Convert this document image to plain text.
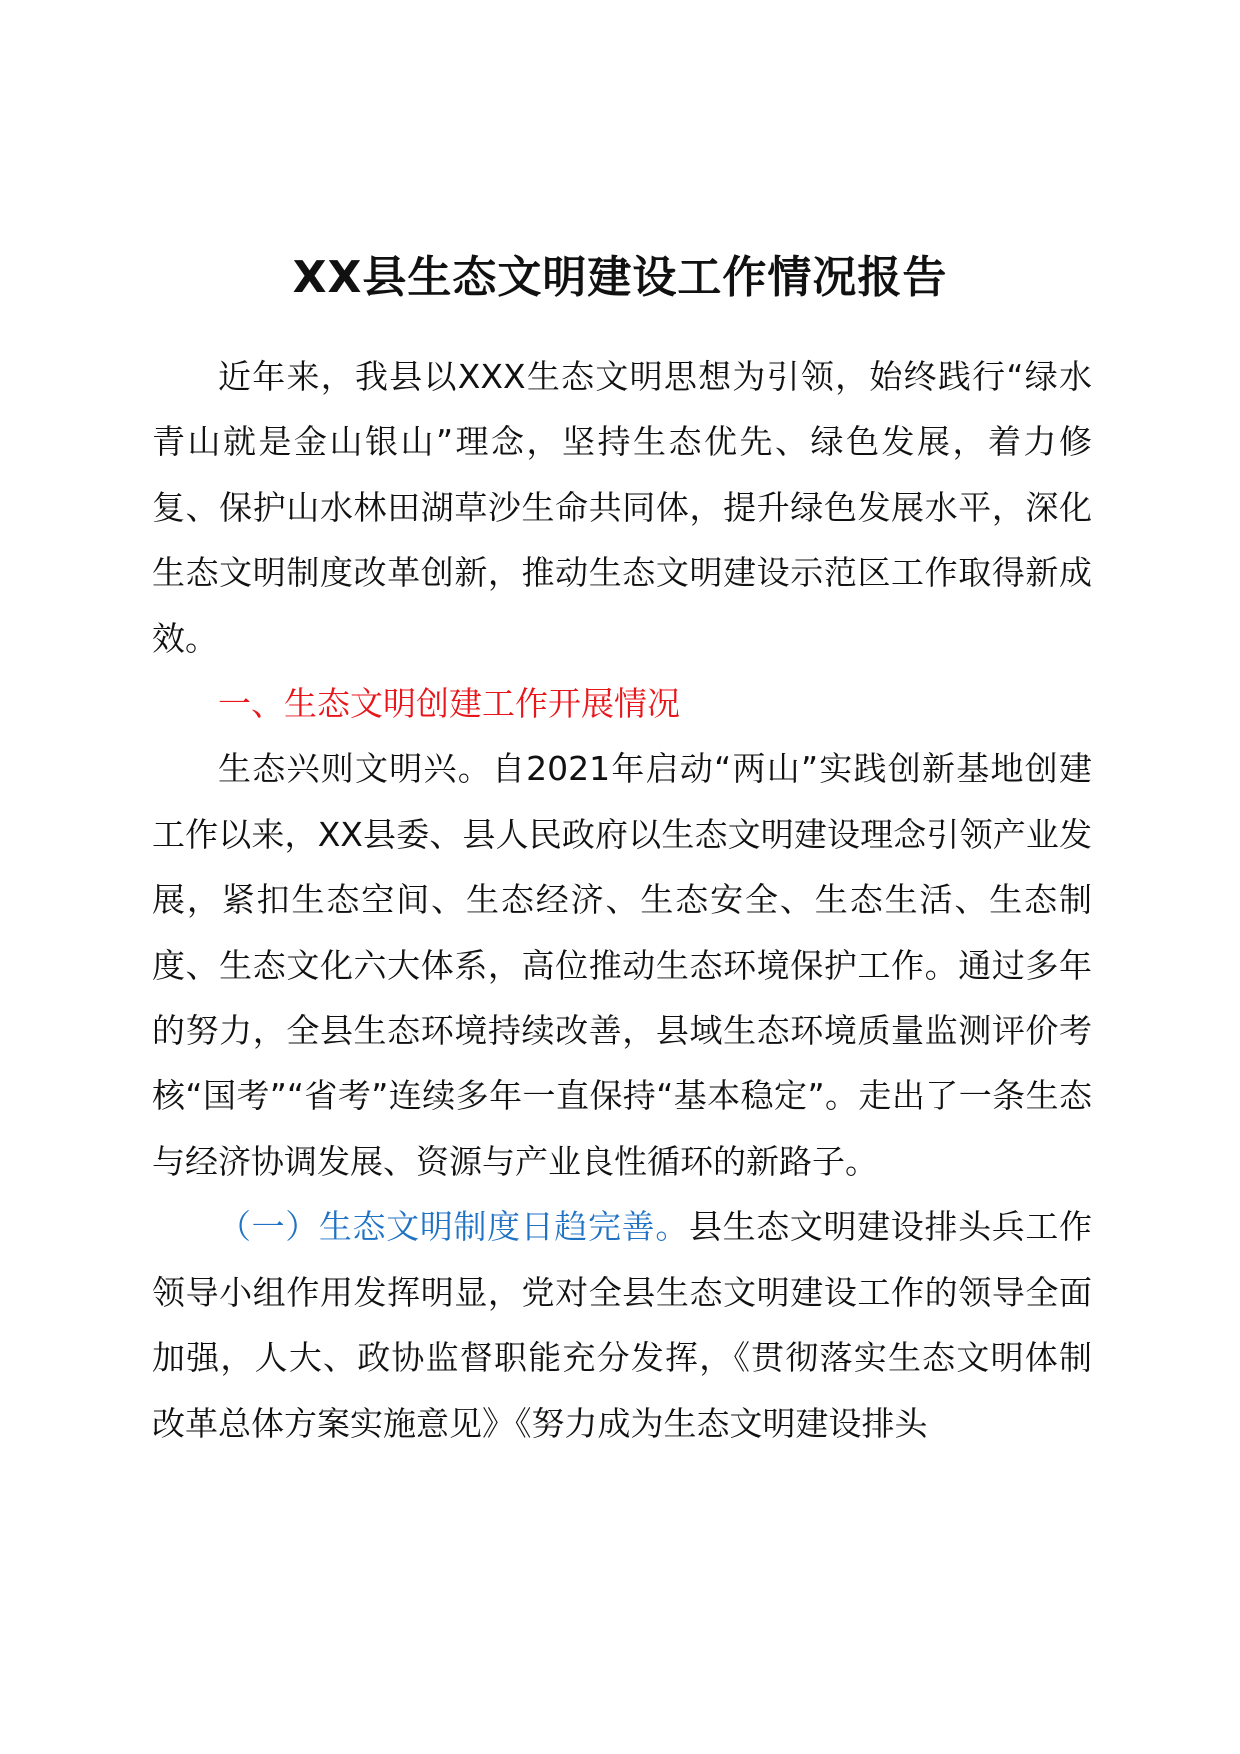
XX县生态文明建设工作情况报告

近年来，我县以XXX生态文明思想为引领，始终践行“绿水青山就是金山银山”理念，坚持生态优先、绿色发展，着力修复、保护山水林田湖草沙生命共同体，提升绿色发展水平，深化生态文明制度改革创新，推动生态文明建设示范区工作取得新成效。

一、生态文明创建工作开展情况

生态兴则文明兴。自2021年启动“两山”实践创新基地创建工作以来，XX县委、县人民政府以生态文明建设理念引领产业发展，紧扣生态空间、生态经济、生态安全、生态生活、生态制度、生态文化六大体系，高位推动生态环境保护工作。通过多年的努力，全县生态环境持续改善，县域生态环境质量监测评价考核“国考”“省考”连续多年一直保持“基本稳定”。走出了一条生态与经济协调发展、资源与产业良性循环的新路子。

（一）生态文明制度日趋完善。县生态文明建设排头兵工作领导小组作用发挥明显，党对全县生态文明建设工作的领导全面加强，人大、政协监督职能充分发挥，《贯彻落实生态文明体制改革总体方案实施意见》《努力成为生态文明建设排头
